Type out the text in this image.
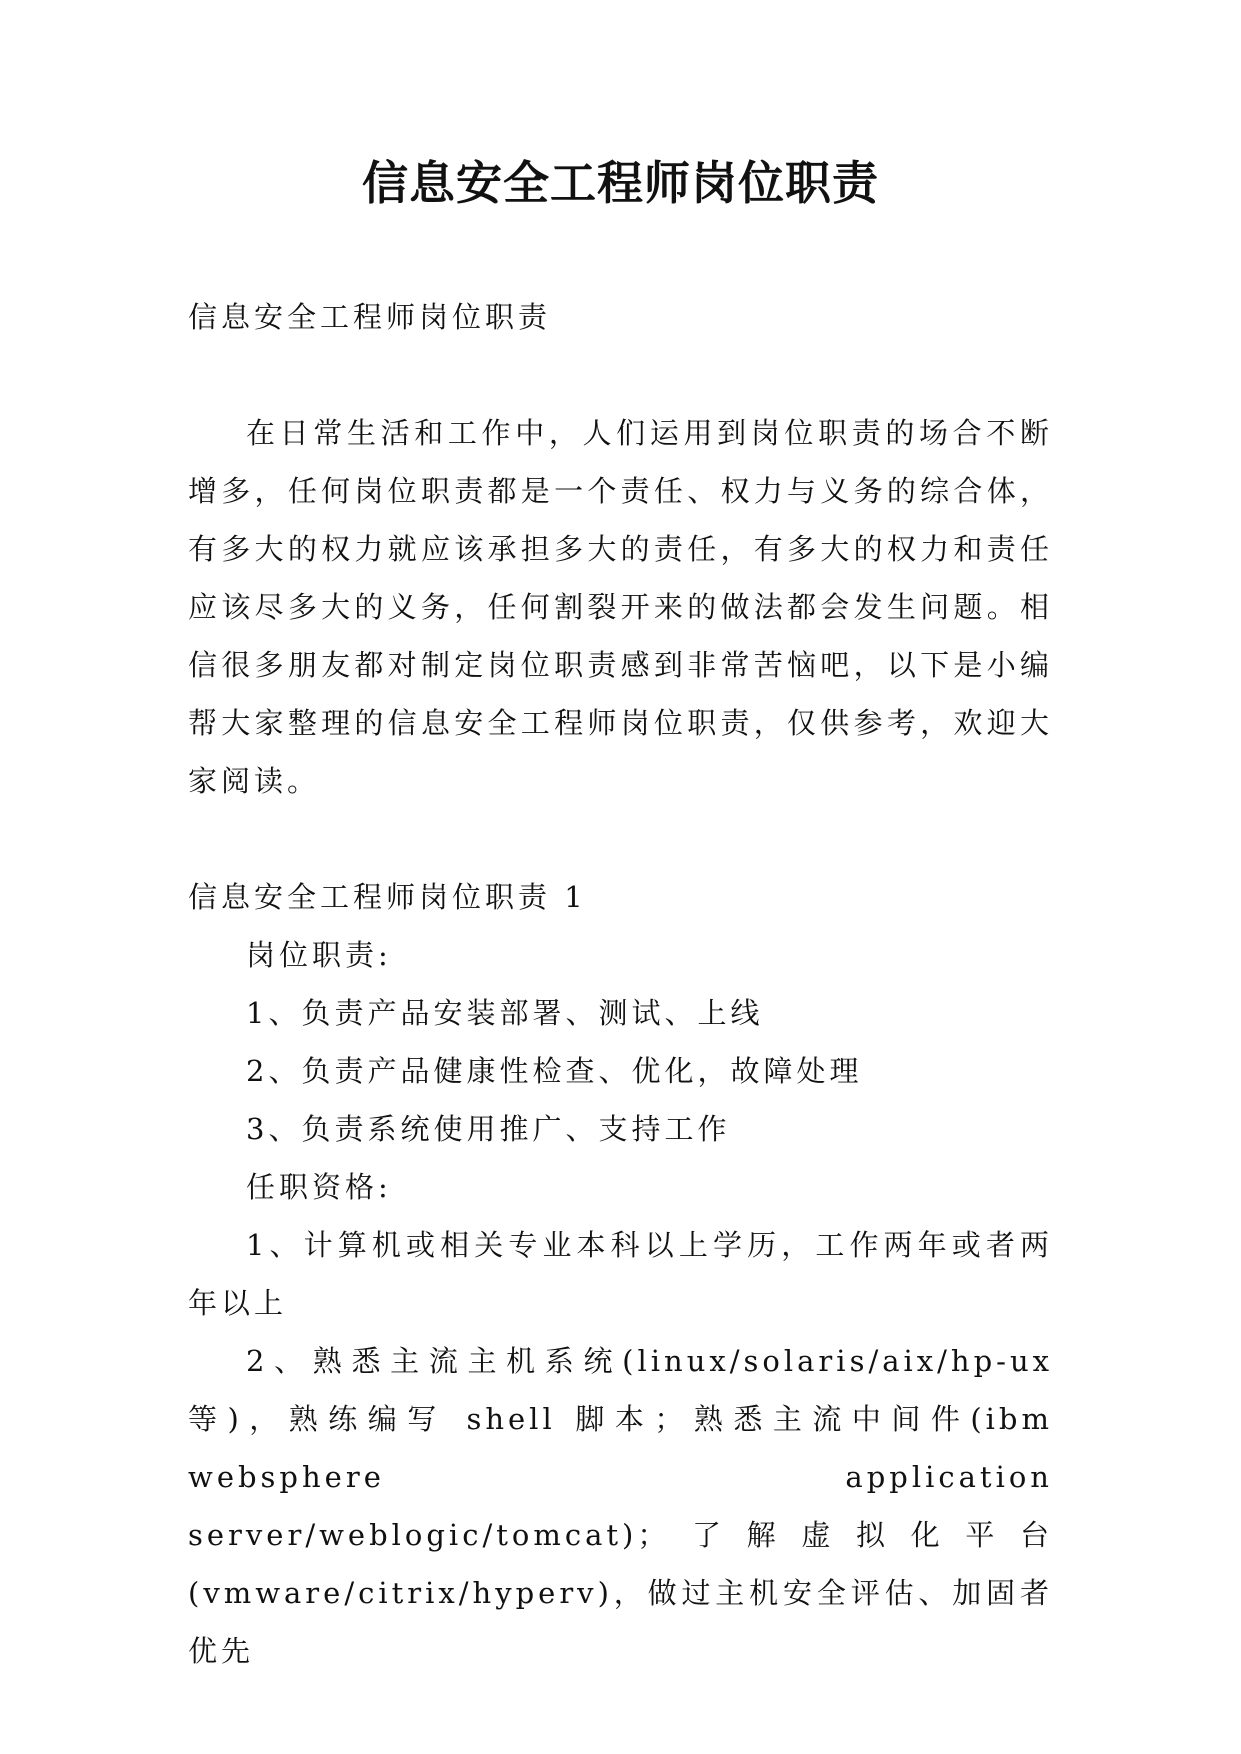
信息安全工程师岗位职责

信息安全工程师岗位职责

在日常生活和工作中，人们运用到岗位职责的场合不断增多，任何岗位职责都是一个责任、权力与义务的综合体，有多大的权力就应该承担多大的责任，有多大的权力和责任应该尽多大的义务，任何割裂开来的做法都会发生问题。相信很多朋友都对制定岗位职责感到非常苦恼吧，以下是小编帮大家整理的信息安全工程师岗位职责，仅供参考，欢迎大家阅读。

信息安全工程师岗位职责 1

岗位职责:

1、负责产品安装部署、测试、上线

2、负责产品健康性检查、优化，故障处理

3、负责系统使用推广、支持工作

任职资格:

1、计算机或相关专业本科以上学历，工作两年或者两年以上

2、熟悉主流主机系统(linux/solaris/aix/hp-ux 等)，熟练编写 shell 脚本；熟悉主流中间件(ibm websphere application server/weblogic/tomcat)；了解虚拟化平台(vmware/citrix/hyperv)，做过主机安全评估、加固者优先
